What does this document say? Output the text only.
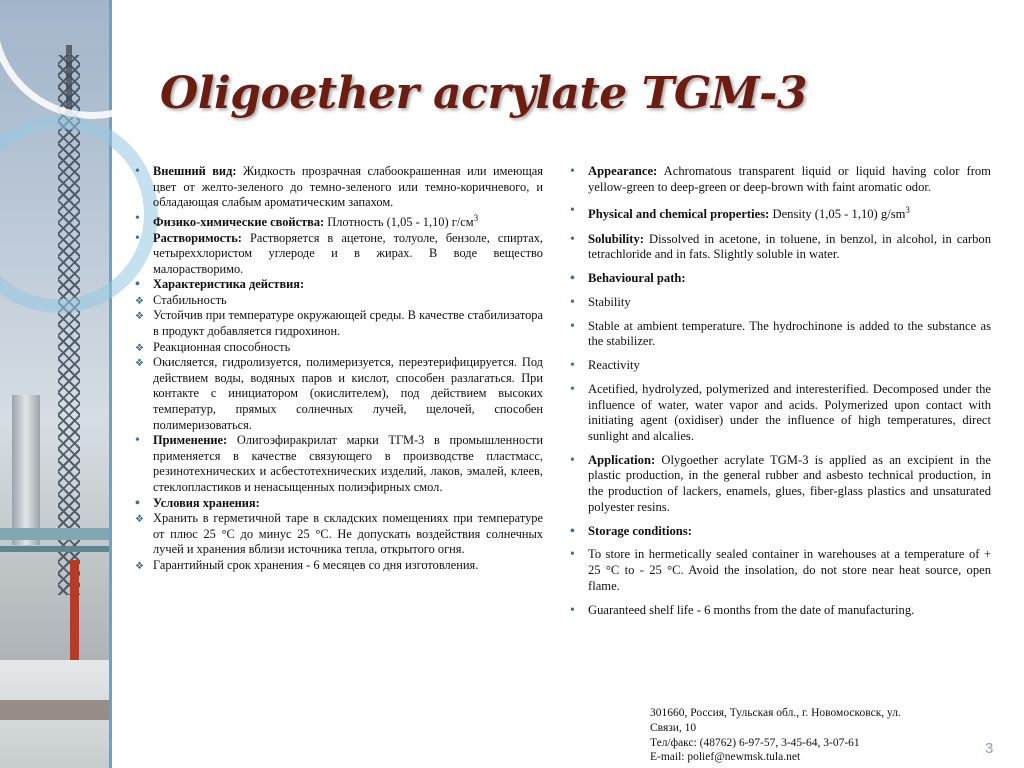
Oligoether acrylate TGM-3
• Внешний вид: Жидкость прозрачная слабоокрашенная или имеющая цвет от желто-зеленого до темно-зеленого или темно-коричневого, и обладающая слабым ароматическим запахом.
• Физико-химические свойства: Плотность (1,05 - 1,10) $г/см^3$
• Растворимость: Растворяется в ацетоне, толуоле, бензоле, спиртах, четыреххлористом углероде и в жирах. В воде вещество малорастворимо.
• Характеристика действия:
❖ Стабильность
❖ Устойчив при температуре окружающей среды. В качестве стабилизатора в продукт добавляется гидрохинон.
❖ Реакционная способность
❖ Окисляется, гидролизуется, полимеризуется, переэтерифицируется. Под действием воды, водяных паров и кислот, способен разлагаться. При контакте с инициатором (окислителем), под действием высоких температур, прямых солнечных лучей, щелочей, способен полимеризоваться.
• Применение: Олигоэфиракрилат марки ТГМ-3 в промышленности применяется в качестве связующего в производстве пластмасс, резинотехнических и асбестотехнических изделий, лаков, эмалей, клеев, стеклопластиков и ненасыщенных полиэфирных смол.
• Условия хранения:
❖ Хранить в герметичной таре в складских помещениях при температуре от плюс 25 °С до минус 25 °С. Не допускать воздействия солнечных лучей и хранения вблизи источника тепла, открытого огня.
❖ Гарантийный срок хранения - 6 месяцев со дня изготовления.
• Appearance: Achromatous transparent liquid or liquid having color from yellow-green to deep-green or deep-brown with faint aromatic odor.
• Physical and chemical properties: Density (1,05 - 1,10) $g/sm^3$
• Solubility: Dissolved in acetone, in toluene, in benzol, in alcohol, in carbon tetrachloride and in fats. Slightly soluble in water.
• Behavioural path:
• Stability
• Stable at ambient temperature. The hydrochinone is added to the substance as the stabilizer.
• Reactivity
• Acetified, hydrolyzed, polymerized and interesterified. Decomposed under the influence of water, water vapor and acids. Polymerized upon contact with initiating agent (oxidiser) under the influence of high temperatures, direct sunlight and alcalies.
• Application: Olygoether acrylate TGM-3 is applied as an excipient in the plastic production, in the general rubber and asbesto technical production, in the production of lackers, enamels, glues, fiber-glass plastics and unsaturated polyester resins.
• Storage conditions:
• To store in hermetically sealed container in warehouses at a temperature of + 25 °C to - 25 °C. Avoid the insolation, do not store near heat source, open flame.
• Guaranteed shelf life - 6 months from the date of manufacturing.
301660, Россия, Тульская обл., г. Новомосковск, ул.
Связи, 10
Тел/факс: (48762) 6-97-57, 3-45-64, 3-07-61
E-mail: polief@newmsk.tula.net
3
